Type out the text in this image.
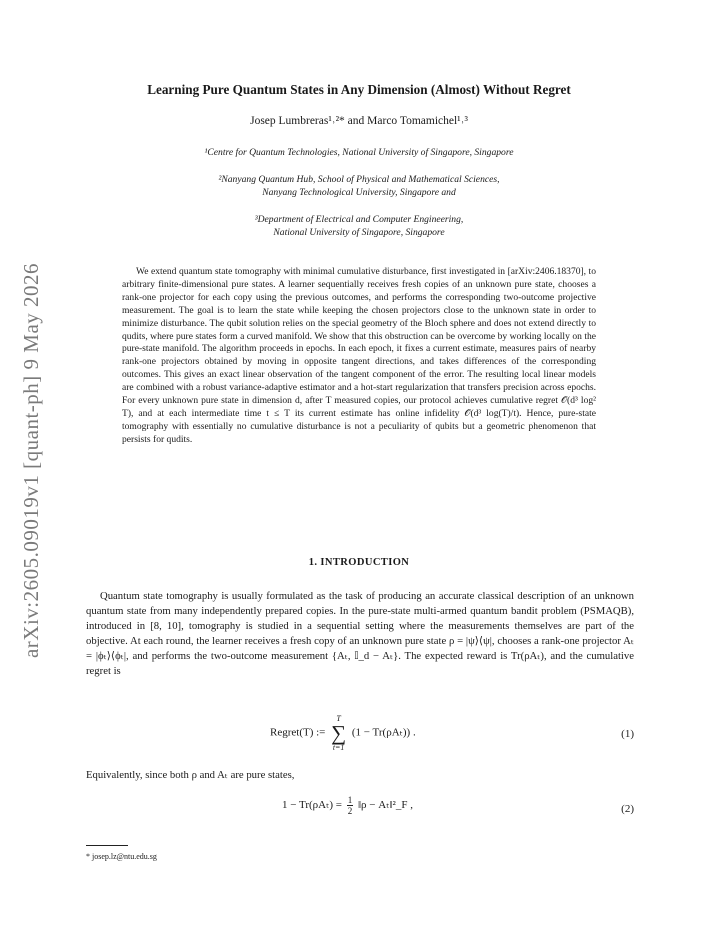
arXiv:2605.09019v1 [quant-ph] 9 May 2026
Learning Pure Quantum States in Any Dimension (Almost) Without Regret
Josep Lumbreras¹˒²* and Marco Tomamichel¹˒³
¹Centre for Quantum Technologies, National University of Singapore, Singapore
²Nanyang Quantum Hub, School of Physical and Mathematical Sciences,
Nanyang Technological University, Singapore and
³Department of Electrical and Computer Engineering,
National University of Singapore, Singapore
We extend quantum state tomography with minimal cumulative disturbance, first investigated in [arXiv:2406.18370], to arbitrary finite-dimensional pure states. A learner sequentially receives fresh copies of an unknown pure state, chooses a rank-one projector for each copy using the previous outcomes, and performs the corresponding two-outcome projective measurement. The goal is to learn the state while keeping the chosen projectors close to the unknown state in order to minimize disturbance. The qubit solution relies on the special geometry of the Bloch sphere and does not extend directly to qudits, where pure states form a curved manifold. We show that this obstruction can be overcome by working locally on the pure-state manifold. The algorithm proceeds in epochs. In each epoch, it fixes a current estimate, measures pairs of nearby rank-one projectors obtained by moving in opposite tangent directions, and takes differences of the corresponding outcomes. This gives an exact linear observation of the tangent component of the error. The resulting local linear models are combined with a robust variance-adaptive estimator and a hot-start regularization that transfers precision across epochs. For every unknown pure state in dimension d, after T measured copies, our protocol achieves cumulative regret 𝒪(d³ log² T), and at each intermediate time t ≤ T its current estimate has online infidelity 𝒪(d³ log(T)/t). Hence, pure-state tomography with essentially no cumulative disturbance is not a peculiarity of qubits but a geometric phenomenon that persists for qudits.
1. INTRODUCTION
Quantum state tomography is usually formulated as the task of producing an accurate classical description of an unknown quantum state from many independently prepared copies. In the pure-state multi-armed quantum bandit problem (PSMAQB), introduced in [8, 10], tomography is studied in a sequential setting where the measurements themselves are part of the objective. At each round, the learner receives a fresh copy of an unknown pure state ρ = |ψ⟩⟨ψ|, chooses a rank-one projector Aₜ = |ϕₜ⟩⟨ϕₜ|, and performs the two-outcome measurement {Aₜ, 𝕀_d − Aₜ}. The expected reward is Tr(ρAₜ), and the cumulative regret is
Regret(T) :=
T
∑
t=1
(1 − Tr(ρAₜ)) .	(1)
Equivalently, since both ρ and Aₜ are pure states,
$1 - Tr(\rho A_t) = \frac{1}{2}$ ‖ρ − Aₜ‖²_F ,	(2)
* josep.lz@ntu.edu.sg
